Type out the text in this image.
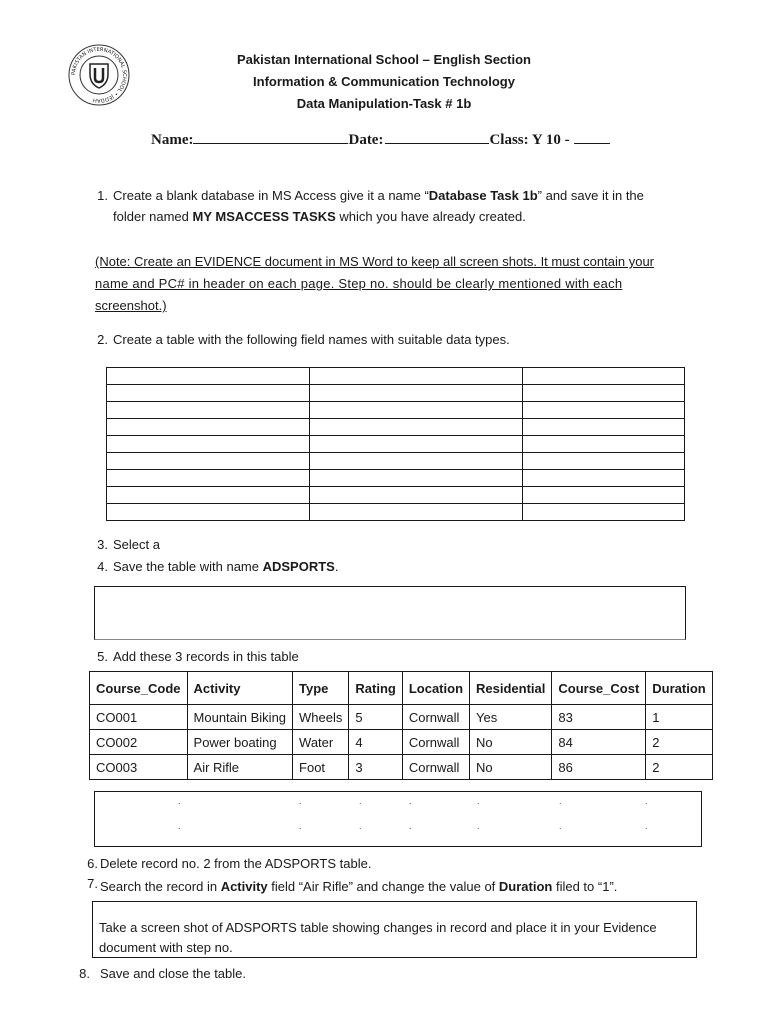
PAKISTAN INTERNATIONAL SCHOOL • JEDDAH
Pakistan International School – English Section
Information & Communication Technology
Data Manipulation-Task # 1b
Name:	Date:	Class: Y 10 -
1. Create a blank database in MS Access give it a name “Database Task 1b” and save it in the
folder named MY MSACCESS TASKS which you have already created.
(Note: Create an EVIDENCE document in MS Word to keep all screen shots. It must contain your
name and PC# in header on each page. Step no. should be clearly mentioned with each
screenshot.)
2. Create a table with the following field names with suitable data types.

3. Select a
4. Save the table with name ADSPORTS.
5. Add these 3 records in this table
Course_Code	Activity	Type	Rating	Location	Residential	Course_Cost	Duration
CO001	Mountain Biking	Wheels	5	Cornwall	Yes	83	1
CO002	Power boating	Water	4	Cornwall	No	84	2
CO003	Air Rifle	Foot	3	Cornwall	No	86	2
.	.	.	.	.	.	.
.	.	.	.	.	.	.
6. Delete record no. 2 from the ADSPORTS table.
7. Search the record in Activity field “Air Rifle” and change the value of Duration filed to “1”.
Take a screen shot of ADSPORTS table showing changes in record and place it in your Evidence document with step no.
8. Save and close the table.
